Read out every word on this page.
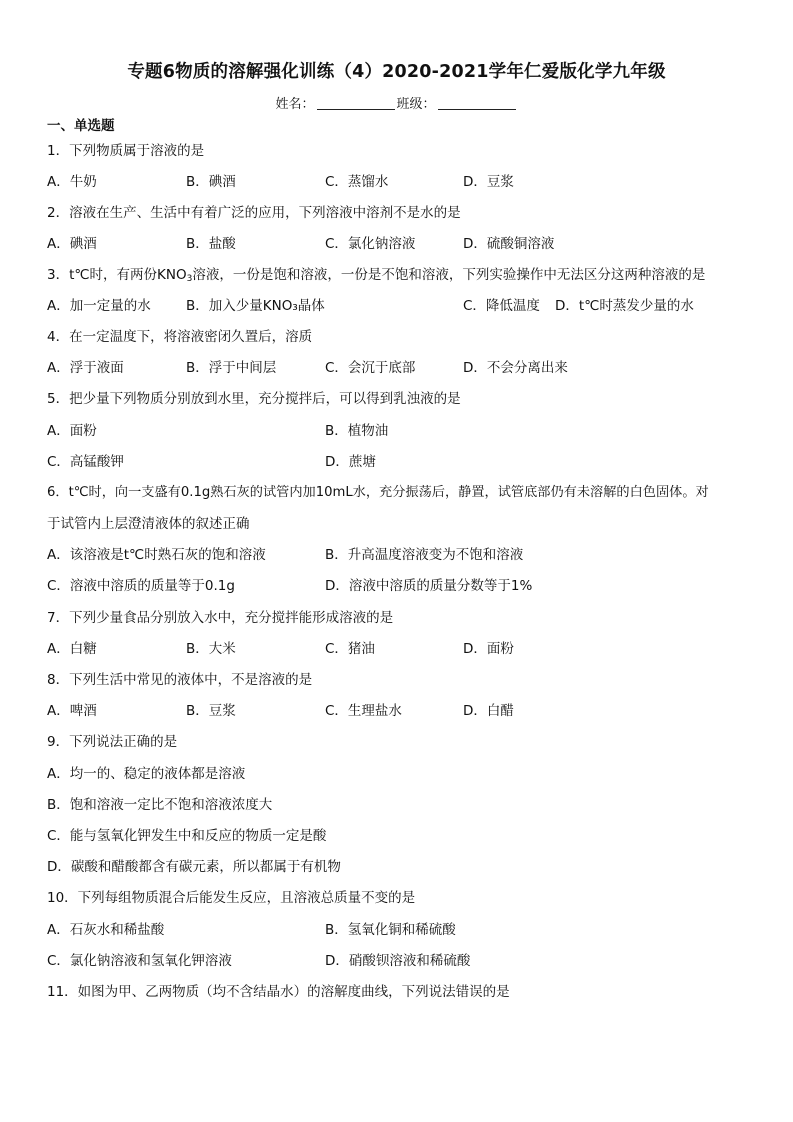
专题6物质的溶解强化训练（4）2020-2021学年仁爱版化学九年级
姓名：	班级：
一、单选题
1．下列物质属于溶液的是
A．牛奶	B．碘酒	C．蒸馏水	D．豆浆
2．溶液在生产、生活中有着广泛的应用，下列溶液中溶剂不是水的是
A．碘酒	B．盐酸	C．氯化钠溶液	D．硫酸铜溶液
3．t℃时，有两份$KNO_3$溶液，一份是饱和溶液，一份是不饱和溶液，下列实验操作中无法区分这两种溶液的是
A．加一定量的水	B．加入少量KNO₃晶体	C．降低温度 D．t℃时蒸发少量的水
4．在一定温度下，将溶液密闭久置后，溶质
A．浮于液面	B．浮于中间层	C．会沉于底部	D．不会分离出来
5．把少量下列物质分别放到水里，充分搅拌后，可以得到乳浊液的是
A．面粉	B．植物油
C．高锰酸钾	D．蔗塘
6．t℃时，向一支盛有0.1g熟石灰的试管内加10mL水，充分振荡后，静置，试管底部仍有未溶解的白色固体。对
于试管内上层澄清液体的叙述正确
A．该溶液是t℃时熟石灰的饱和溶液	B．升高温度溶液变为不饱和溶液
C．溶液中溶质的质量等于0.1g	D．溶液中溶质的质量分数等于1%
7．下列少量食品分别放入水中，充分搅拌能形成溶液的是
A．白糖	B．大米	C．猪油	D．面粉
8．下列生活中常见的液体中，不是溶液的是
A．啤酒	B．豆浆	C．生理盐水	D．白醋
9．下列说法正确的是
A．均一的、稳定的液体都是溶液
B．饱和溶液一定比不饱和溶液浓度大
C．能与氢氧化钾发生中和反应的物质一定是酸
D．碳酸和醋酸都含有碳元素，所以都属于有机物
10．下列每组物质混合后能发生反应，且溶液总质量不变的是
A．石灰水和稀盐酸	B．氢氧化铜和稀硫酸
C．氯化钠溶液和氢氧化钾溶液	D．硝酸钡溶液和稀硫酸
11．如图为甲、乙两物质（均不含结晶水）的溶解度曲线，下列说法错误的是
